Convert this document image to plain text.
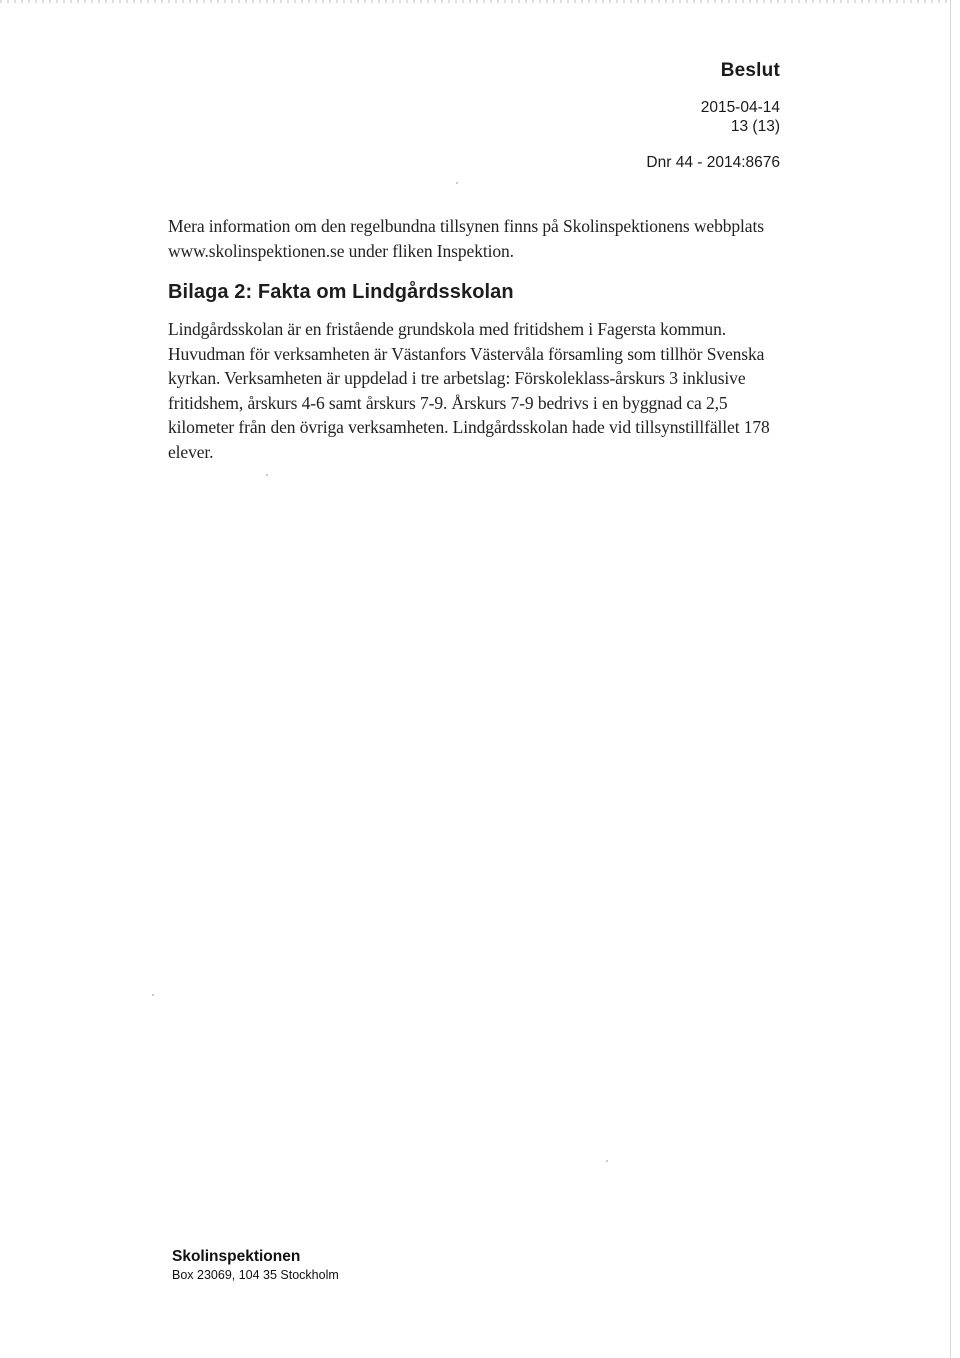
Beslut
2015-04-14
13 (13)
Dnr 44 - 2014:8676

Mera information om den regelbundna tillsynen finns på Skolinspektionens webbplats www.skolinspektionen.se under fliken Inspektion.

Bilaga 2: Fakta om Lindgårdsskolan

Lindgårdsskolan är en fristående grundskola med fritidshem i Fagersta kommun. Huvudman för verksamheten är Västanfors Västervåla församling som tillhör Svenska kyrkan. Verksamheten är uppdelad i tre arbetslag: Förskoleklass-årskurs 3 inklusive fritidshem, årskurs 4-6 samt årskurs 7-9. Årskurs 7-9 bedrivs i en byggnad ca 2,5 kilometer från den övriga verksamheten. Lindgårdsskolan hade vid tillsynstillfället 178 elever.

Skolinspektionen
Box 23069, 104 35 Stockholm
